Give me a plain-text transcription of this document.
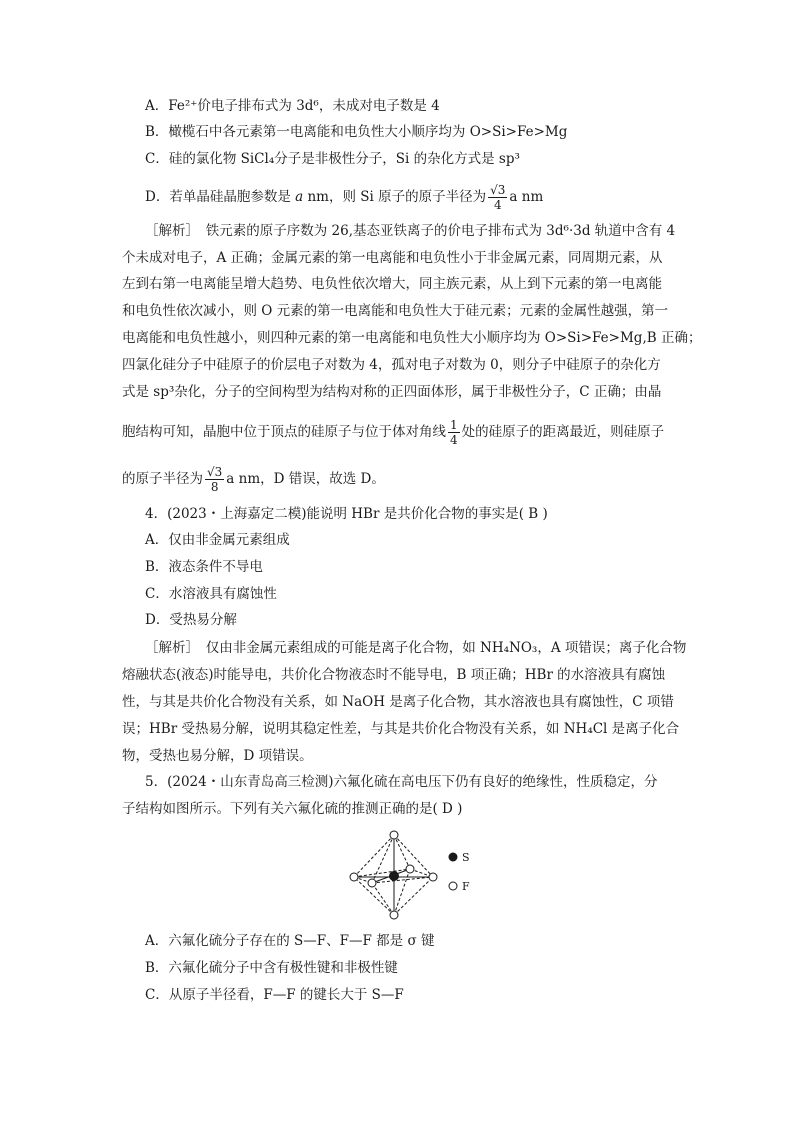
A．Fe²⁺价电子排布式为 3d⁶，未成对电子数是 4
B．橄榄石中各元素第一电离能和电负性大小顺序均为 O>Si>Fe>Mg
C．硅的氯化物 SiCl₄分子是非极性分子，Si 的杂化方式是 sp³
D．若单晶硅晶胞参数是 a nm，则 Si 原子的原子半径为 $\frac{√3}{4}$ a nm
［解析］　铁元素的原子序数为 26,基态亚铁离子的价电子排布式为 3d⁶·3d 轨道中含有 4
个未成对电子，A 正确；金属元素的第一电离能和电负性小于非金属元素，同周期元素，从
左到右第一电离能呈增大趋势、电负性依次增大，同主族元素，从上到下元素的第一电离能
和电负性依次减小，则 O 元素的第一电离能和电负性大于硅元素；元素的金属性越强，第一
电离能和电负性越小，则四种元素的第一电离能和电负性大小顺序均为 O>Si>Fe>Mg,B 正确；
四氯化硅分子中硅原子的价层电子对数为 4，孤对电子对数为 0，则分子中硅原子的杂化方
式是 sp³杂化，分子的空间构型为结构对称的正四面体形，属于非极性分子，C 正确；由晶
胞结构可知，晶胞中位于顶点的硅原子与位于体对角线 $\frac{1}{4}$ 处的硅原子的距离最近，则硅原子
的原子半径为 $\frac{√3}{8}$ a nm，D 错误，故选 D。
4．(2023・上海嘉定二模)能说明 HBr 是共价化合物的事实是( B )
A．仅由非金属元素组成
B．液态条件不导电
C．水溶液具有腐蚀性
D．受热易分解
［解析］　仅由非金属元素组成的可能是离子化合物，如 NH₄NO₃，A 项错误；离子化合物
熔融状态(液态)时能导电，共价化合物液态时不能导电，B 项正确；HBr 的水溶液具有腐蚀
性，与其是共价化合物没有关系，如 NaOH 是离子化合物，其水溶液也具有腐蚀性，C 项错
误；HBr 受热易分解，说明其稳定性差，与其是共价化合物没有关系，如 NH₄Cl 是离子化合
物，受热也易分解，D 项错误。
5．(2024・山东青岛高三检测)六氟化硫在高电压下仍有良好的绝缘性，性质稳定，分
子结构如图所示。下列有关六氟化硫的推测正确的是( D )
S
F
A．六氟化硫分子存在的 S—F、F—F 都是 σ 键
B．六氟化硫分子中含有极性键和非极性键
C．从原子半径看，F—F 的键长大于 S—F
